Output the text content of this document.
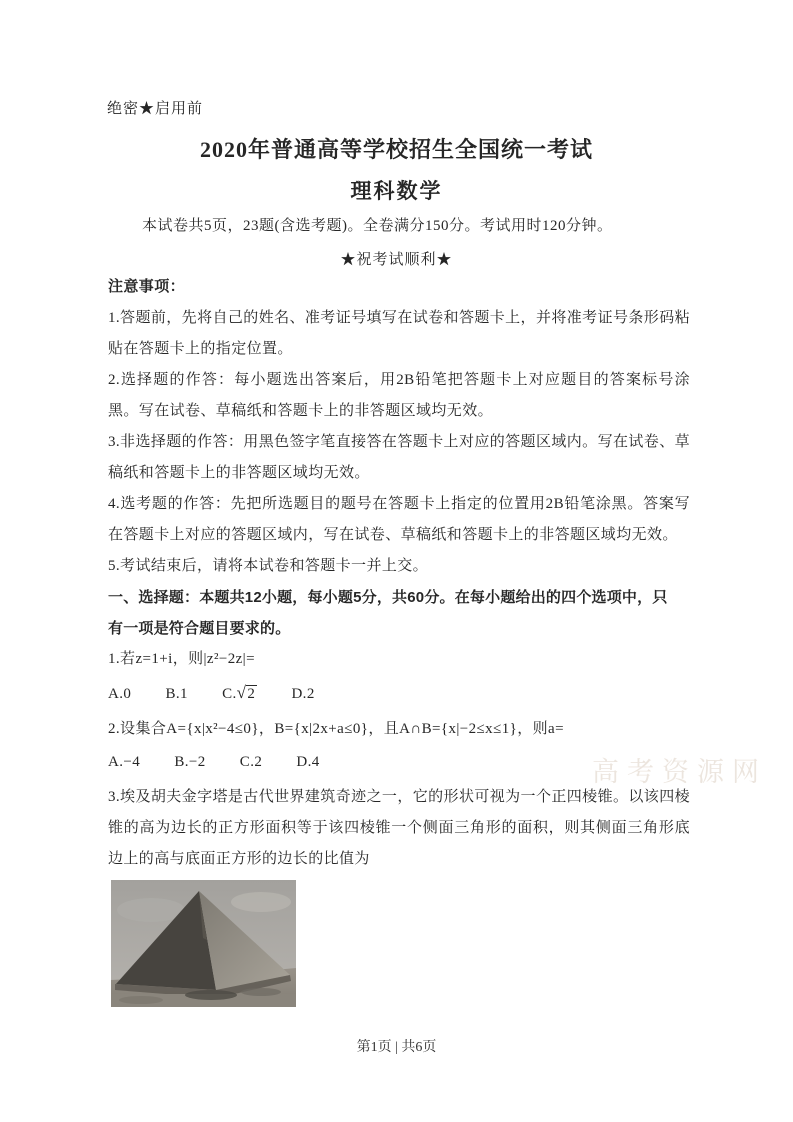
绝密★启用前
2020年普通高等学校招生全国统一考试
理科数学
本试卷共5页，23题(含选考题)。全卷满分150分。考试用时120分钟。
★祝考试顺利★
高考资源网
注意事项：
1.答题前，先将自己的姓名、准考证号填写在试卷和答题卡上，并将准考证号条形码粘贴在答题卡上的指定位置。
2.选择题的作答：每小题选出答案后，用2B铅笔把答题卡上对应题目的答案标号涂黑。写在试卷、草稿纸和答题卡上的非答题区域均无效。
3.非选择题的作答：用黑色签字笔直接答在答题卡上对应的答题区域内。写在试卷、草稿纸和答题卡上的非答题区域均无效。
4.选考题的作答：先把所选题目的题号在答题卡上指定的位置用2B铅笔涂黑。答案写在答题卡上对应的答题区域内，写在试卷、草稿纸和答题卡上的非答题区域均无效。
5.考试结束后，请将本试卷和答题卡一并上交。
一、选择题：本题共12小题，每小题5分，共60分。在每小题给出的四个选项中，只
有一项是符合题目要求的。
1.若z=1+i，则|z²−2z|=
A.0 B.1 C.√2 D.2
2.设集合A={x|x²−4≤0}，B={x|2x+a≤0}，且A∩B={x|−2≤x≤1}，则a=
A.−4 B.−2 C.2 D.4
3.埃及胡夫金字塔是古代世界建筑奇迹之一，它的形状可视为一个正四棱锥。以该四棱锥的高为边长的正方形面积等于该四棱锥一个侧面三角形的面积，则其侧面三角形底边上的高与底面正方形的边长的比值为
第1页 | 共6页
